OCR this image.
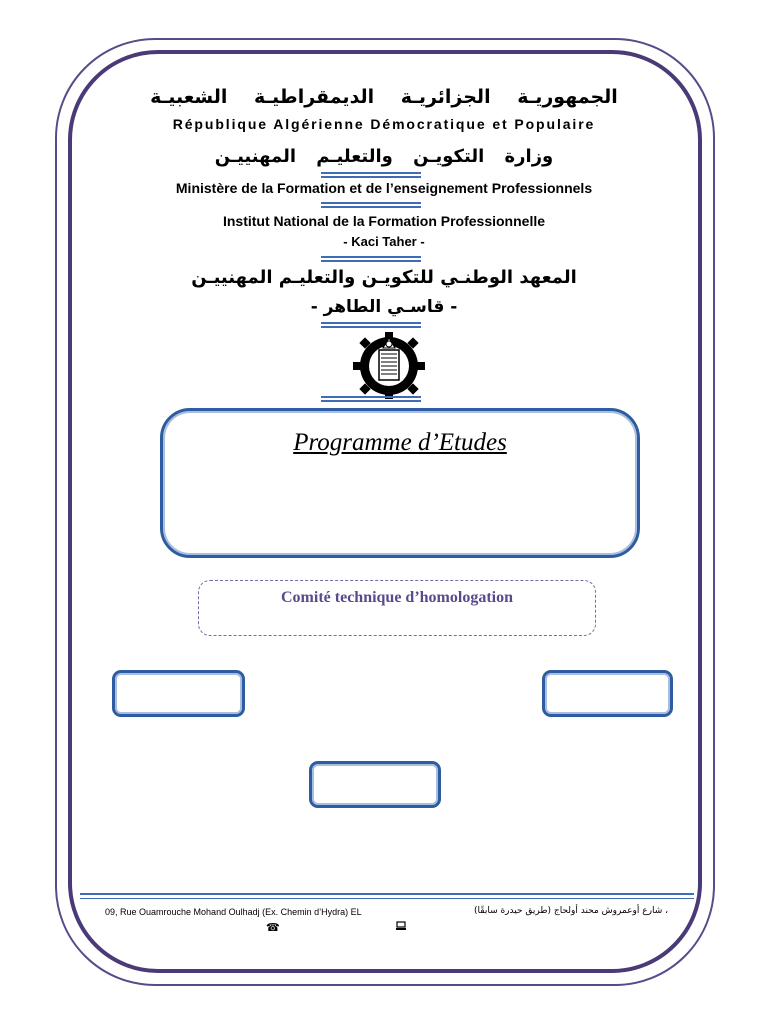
الجمهوريـة الجزائريـة الديمقراطيـة الشعبيـة
République Algérienne Démocratique et Populaire
وزارة التكويـن والتعليـم المهنييـن
Ministère de la Formation et de l’enseignement Professionnels
Institut National de la Formation Professionnelle
- Kaci Taher -
المعهد الوطنـي للتكويـن والتعليـم المهنييـن
- قاسـي الطاهر -
Programme d’Etudes
Comité technique d’homologation
09, Rue Ouamrouche Mohand Oulhadj (Ex. Chemin d’Hydra) EL	، شارع أوعمروش محند أولحاج (طريق حيدرة سابقًا)
☎
